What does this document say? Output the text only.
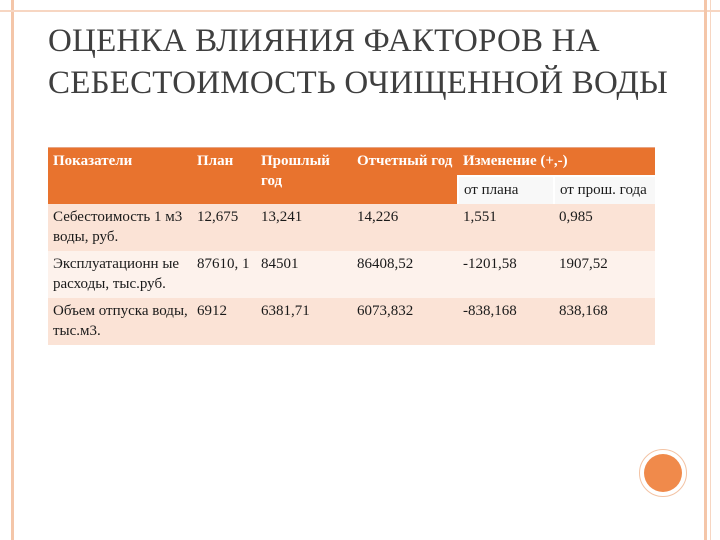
ОЦЕНКА ВЛИЯНИЯ ФАКТОРОВ НА СЕБЕСТОИМОСТЬ ОЧИЩЕННОЙ ВОДЫ
Показатели	План	Прошлый год	Отчетный год	Изменение (+,-)	
				от плана	от прош. года
Себестоимость 1 м3 воды, руб.	12,675	13,241	14,226	1,551	0,985
Эксплуатационн ые расходы, тыс.руб.	87610, 1	84501	86408,52	-1201,58	1907,52
Объем отпуска воды, тыс.м3.	6912	6381,71	6073,832	-838,168	838,168
